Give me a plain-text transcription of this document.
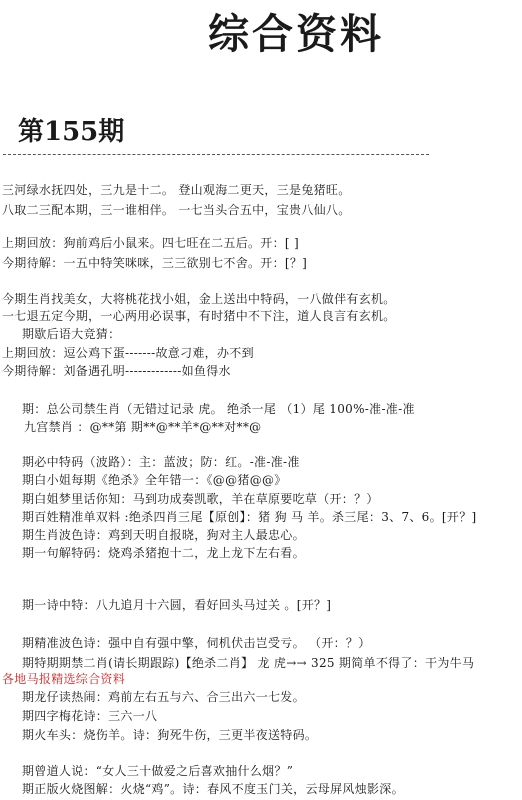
综合资料
第155期
三河绿水抚四处，三九是十二。 登山观海二更天，三是兔猪旺。
八取二三配本期，三一谁相伴。 一七当头合五中，宝贵八仙八。
上期回放：狗前鸡后小鼠来。四七旺在二五后。开：[ ]
今期待解：一五中特笑咪咪，三三欲别七不舍。开：[？]
今期生肖找美女，大将桃花找小姐，金上送出中特码，一八做伴有玄机。
一七退五定今期，一心两用必误事，有时猪中不下注，道人良言有玄机。
期歇后语大竞猜：
上期回放：逗公鸡下蛋-------故意刁难，办不到
今期待解：刘备遇孔明-------------如鱼得水
期：总公司禁生肖（无错过记录 虎。 绝杀一尾 （1）尾 100%-准-准-准
九宫禁肖 ：@**第 期**@**羊*@**对**@
期必中特码（波路）：主：蓝波；防：红。-准-准-准
期白小姐每期《绝杀》全年错一：《@@猪@@》
期白姐梦里话你知：马到功成奏凯歌，羊在草原要吃草（开：？）
期百姓精准单双料 :绝杀四肖三尾【原创】：猪 狗 马 羊。杀三尾：3、7、6。[开？]
期生肖波色诗：鸡到天明自报晓，狗对主人最忠心。
期一句解特码：烧鸡杀猪抱十二，龙上龙下左右看。
期一诗中特：八九追月十六圆，看好回头马过关 。[开？]
期精准波色诗：强中自有强中擎，伺机伏击岂受亏。 （开：？）
期特期期禁二肖(请长期跟踪)【绝杀二肖】 龙 虎→→ 325 期简单不得了：干为牛马
各地马报精选综合资料
期龙仔读热闹：鸡前左右五与六、合三出六一七发。
期四字梅花诗：三六一八
期火车头：烧伤羊。诗：狗死牛伤，三更半夜送特码。
期曾道人说：“女人三十做爱之后喜欢抽什么烟？”
期正版火烧图解：火烧“鸡”。诗：春风不度玉门关，云母屏风烛影深。
